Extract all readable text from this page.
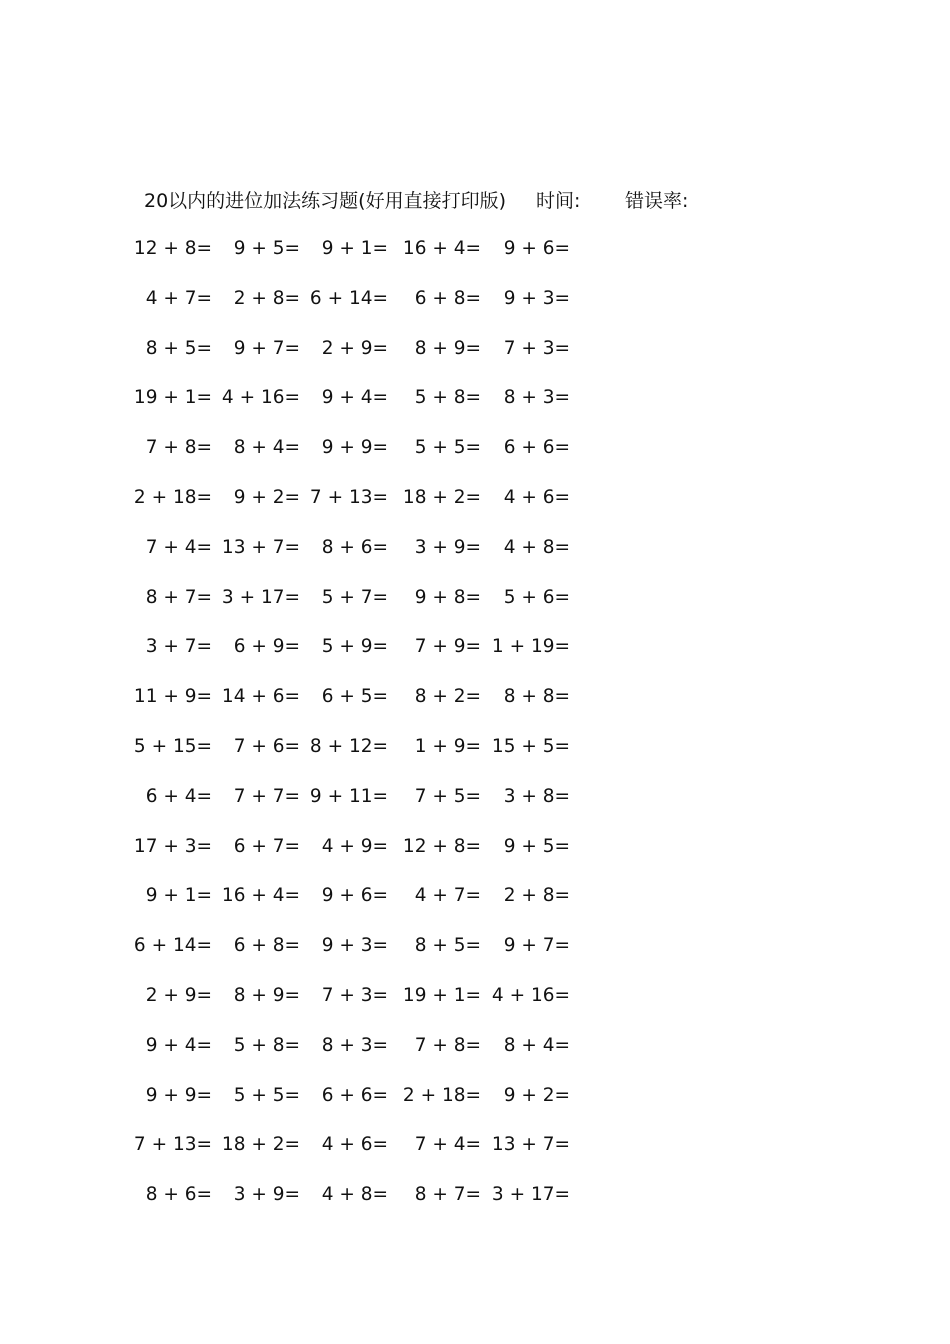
20以内的进位加法练习题(好用直接打印版) 时间: 错误率:
12 + 8= 9 + 5= 9 + 1= 16 + 4= 9 + 6=
4 + 7= 2 + 8= 6 + 14= 6 + 8= 9 + 3=
8 + 5= 9 + 7= 2 + 9= 8 + 9= 7 + 3=
19 + 1= 4 + 16= 9 + 4= 5 + 8= 8 + 3=
7 + 8= 8 + 4= 9 + 9= 5 + 5= 6 + 6=
2 + 18= 9 + 2= 7 + 13= 18 + 2= 4 + 6=
7 + 4= 13 + 7= 8 + 6= 3 + 9= 4 + 8=
8 + 7= 3 + 17= 5 + 7= 9 + 8= 5 + 6=
3 + 7= 6 + 9= 5 + 9= 7 + 9= 1 + 19=
11 + 9= 14 + 6= 6 + 5= 8 + 2= 8 + 8=
5 + 15= 7 + 6= 8 + 12= 1 + 9= 15 + 5=
6 + 4= 7 + 7= 9 + 11= 7 + 5= 3 + 8=
17 + 3= 6 + 7= 4 + 9= 12 + 8= 9 + 5=
9 + 1= 16 + 4= 9 + 6= 4 + 7= 2 + 8=
6 + 14= 6 + 8= 9 + 3= 8 + 5= 9 + 7=
2 + 9= 8 + 9= 7 + 3= 19 + 1= 4 + 16=
9 + 4= 5 + 8= 8 + 3= 7 + 8= 8 + 4=
9 + 9= 5 + 5= 6 + 6= 2 + 18= 9 + 2=
7 + 13= 18 + 2= 4 + 6= 7 + 4= 13 + 7=
8 + 6= 3 + 9= 4 + 8= 8 + 7= 3 + 17=
